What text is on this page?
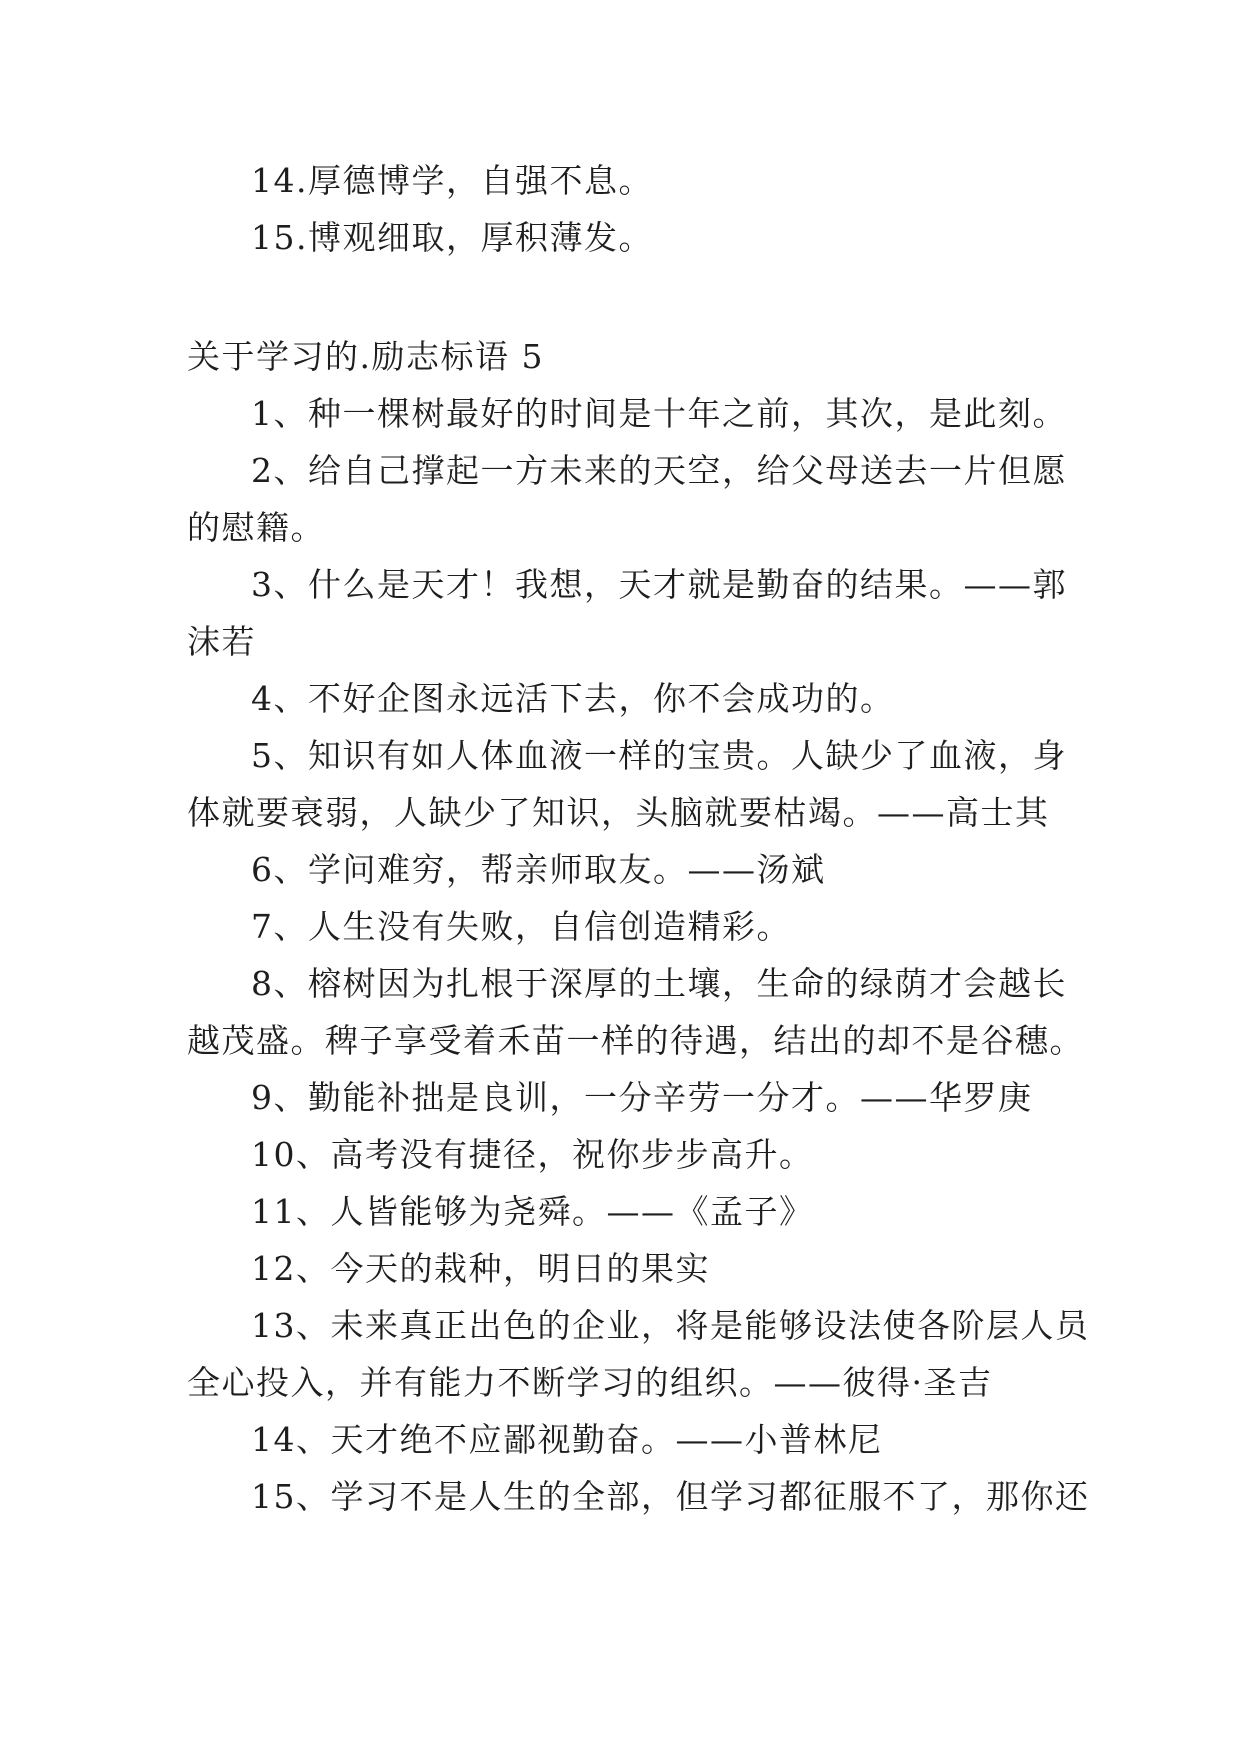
14.厚德博学，自强不息。
15.博观细取，厚积薄发。
关于学习的.励志标语 5
1、种一棵树最好的时间是十年之前，其次，是此刻。
2、给自己撑起一方未来的天空，给父母送去一片但愿
的慰籍。
3、什么是天才！我想，天才就是勤奋的结果。——郭
沫若
4、不好企图永远活下去，你不会成功的。
5、知识有如人体血液一样的宝贵。人缺少了血液，身
体就要衰弱，人缺少了知识，头脑就要枯竭。——高士其
6、学问难穷，帮亲师取友。——汤斌
7、人生没有失败，自信创造精彩。
8、榕树因为扎根于深厚的土壤，生命的绿荫才会越长
越茂盛。稗子享受着禾苗一样的待遇，结出的却不是谷穗。
9、勤能补拙是良训，一分辛劳一分才。——华罗庚
10、高考没有捷径，祝你步步高升。
11、人皆能够为尧舜。——《孟子》
12、今天的栽种，明日的果实
13、未来真正出色的企业，将是能够设法使各阶层人员
全心投入，并有能力不断学习的组织。——彼得·圣吉
14、天才绝不应鄙视勤奋。——小普林尼
15、学习不是人生的全部，但学习都征服不了，那你还
